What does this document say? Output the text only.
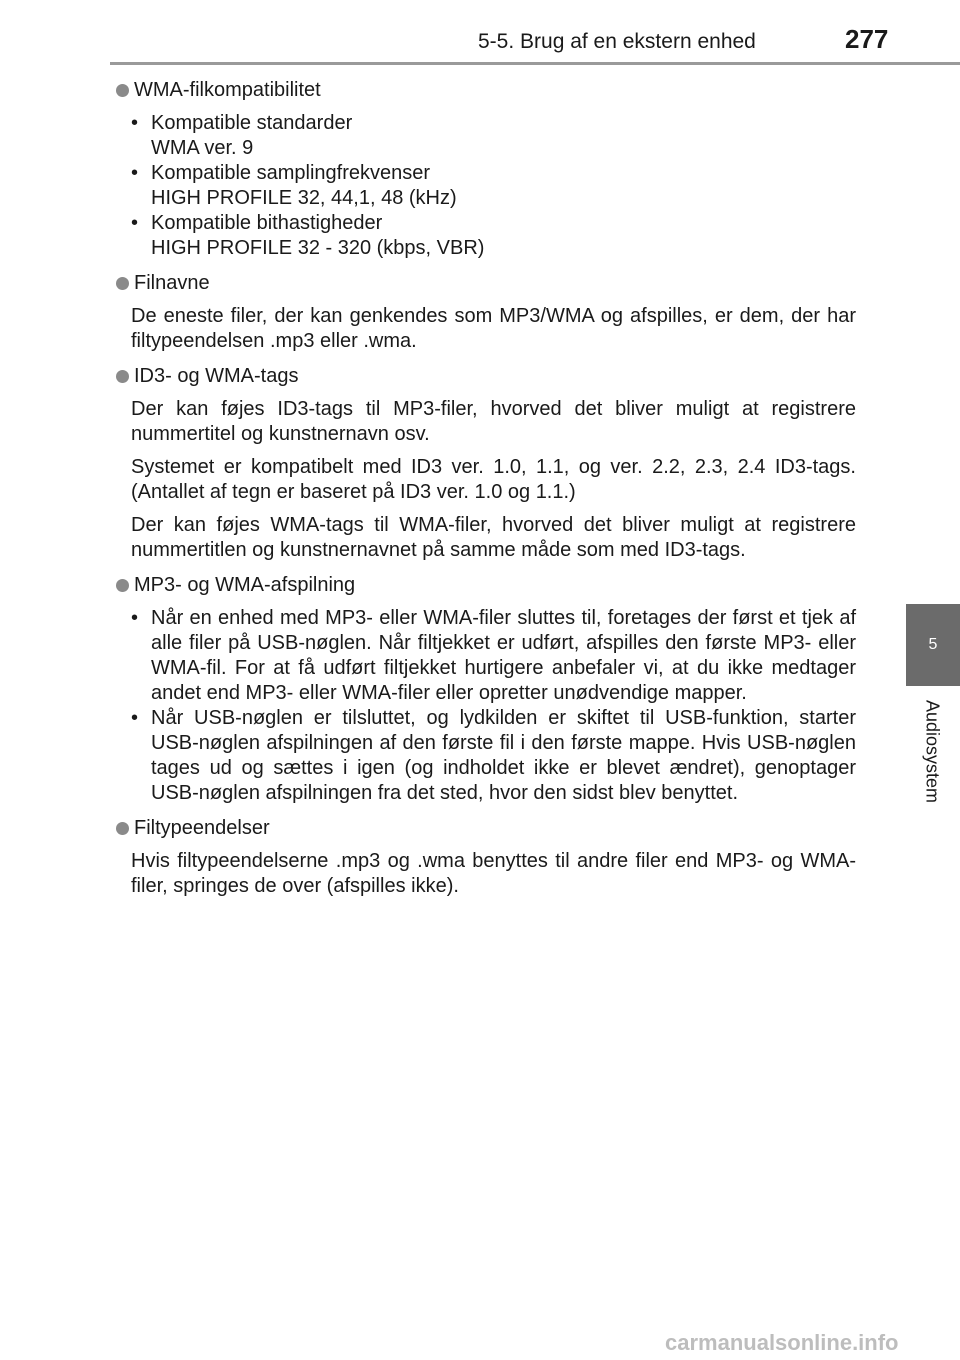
5-5. Brug af en ekstern enhed	277
5
Audiosystem
WMA-filkompatibilitet
• Kompatible standarder
WMA ver. 9
• Kompatible samplingfrekvenser
HIGH PROFILE 32, 44,1, 48 (kHz)
• Kompatible bithastigheder
HIGH PROFILE 32 - 320 (kbps, VBR)
Filnavne
De eneste filer, der kan genkendes som MP3/WMA og afspilles, er dem, der har filtypeendelsen .mp3 eller .wma.
ID3- og WMA-tags
Der kan føjes ID3-tags til MP3-filer, hvorved det bliver muligt at registrere nummertitel og kunstnernavn osv.
Systemet er kompatibelt med ID3 ver. 1.0, 1.1, og ver. 2.2, 2.3, 2.4 ID3-tags. (Antallet af tegn er baseret på ID3 ver. 1.0 og 1.1.)
Der kan føjes WMA-tags til WMA-filer, hvorved det bliver muligt at registrere nummertitlen og kunstnernavnet på samme måde som med ID3-tags.
MP3- og WMA-afspilning
• Når en enhed med MP3- eller WMA-filer sluttes til, foretages der først et tjek af alle filer på USB-nøglen. Når filtjekket er udført, afspilles den første MP3- eller WMA-fil. For at få udført filtjekket hurtigere anbefaler vi, at du ikke medtager andet end MP3- eller WMA-filer eller opretter unødvendige mapper.
• Når USB-nøglen er tilsluttet, og lydkilden er skiftet til USB-funktion, starter USB-nøglen afspilningen af den første fil i den første mappe. Hvis USB-nøglen tages ud og sættes i igen (og indholdet ikke er blevet ændret), genoptager USB-nøglen afspilningen fra det sted, hvor den sidst blev benyttet.
Filtypeendelser
Hvis filtypeendelserne .mp3 og .wma benyttes til andre filer end MP3- og WMA-filer, springes de over (afspilles ikke).
carmanualsonline.info
